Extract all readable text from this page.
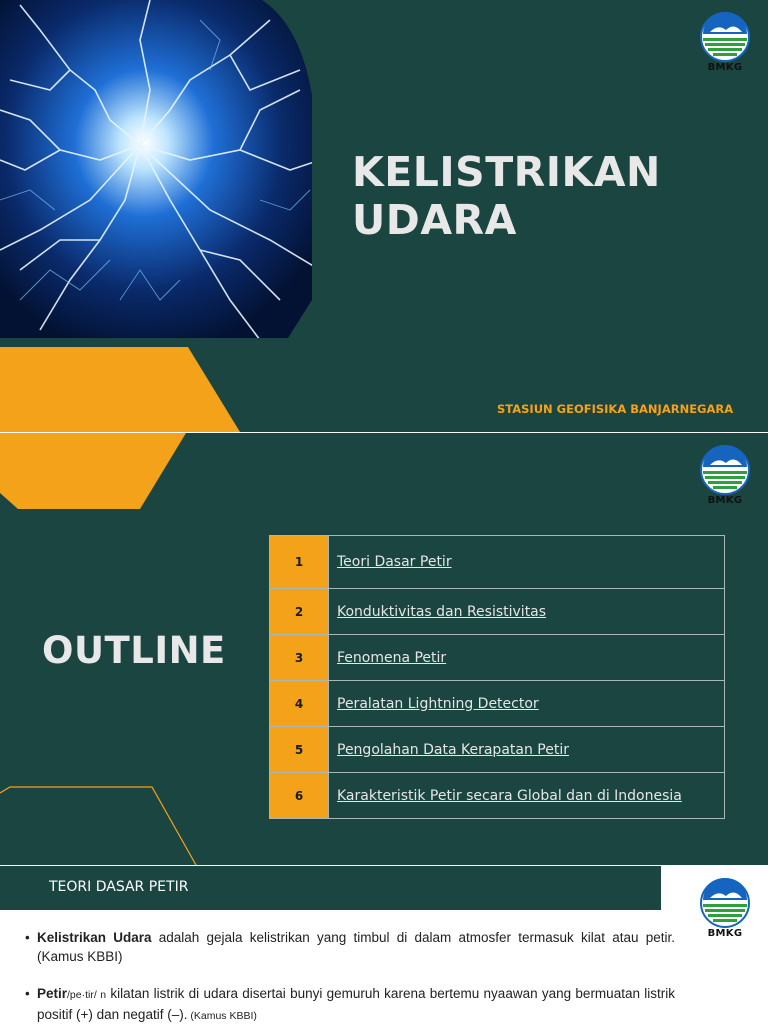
BMKG
KELISTRIKAN
UDARA
STASIUN GEOFISIKA BANJARNEGARA
BMKG
OUTLINE
1	Teori Dasar Petir
2	Konduktivitas dan Resistivitas
3	Fenomena Petir
4	Peralatan Lightning Detector
5	Pengolahan Data Kerapatan Petir
6	Karakteristik Petir secara Global dan di Indonesia
TEORI DASAR PETIR
BMKG
• Kelistrikan Udara adalah gejala kelistrikan yang timbul di dalam atmosfer termasuk kilat atau petir. (Kamus KBBI)
• Petir/pe·tir/ n kilatan listrik di udara disertai bunyi gemuruh karena bertemu nyaawan yang bermuatan listrik positif (+) dan negatif (–). (Kamus KBBI)
